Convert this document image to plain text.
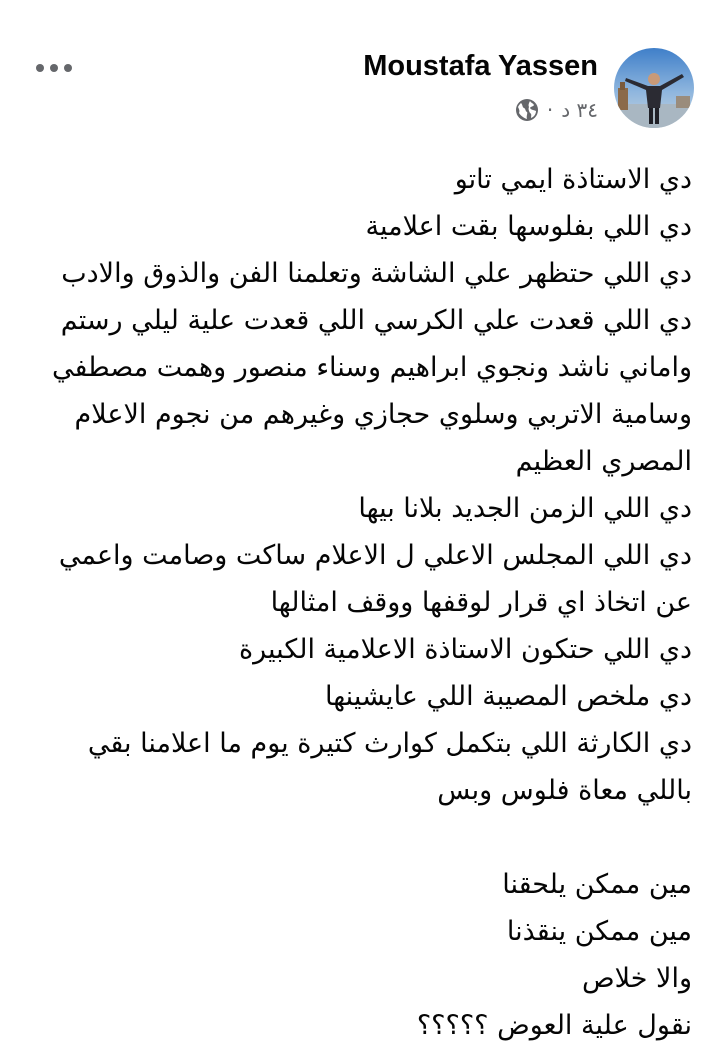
Moustafa Yassen
٣٤ د
·

دي الاستاذة ايمي تاتو

دي اللي بفلوسها بقت اعلامية

دي اللي حتظهر علي الشاشة وتعلمنا الفن والذوق والادب

دي اللي قعدت علي الكرسي اللي قعدت علية ليلي رستم

واماني ناشد ونجوي ابراهيم وسناء منصور وهمت مصطفي

وسامية الاتربي وسلوي حجازي وغيرهم من نجوم الاعلام

المصري العظيم

دي اللي الزمن الجديد بلانا بيها

دي اللي المجلس الاعلي ل الاعلام ساكت وصامت واعمي

عن اتخاذ اي قرار لوقفها ووقف امثالها

دي اللي حتكون الاستاذة الاعلامية الكبيرة

دي ملخص المصيبة اللي عايشينها

دي الكارثة اللي بتكمل كوارث كتيرة يوم ما اعلامنا بقي

باللي معاة فلوس وبس

مين ممكن يلحقنا

مين ممكن ينقذنا

والا خلاص

نقول علية العوض ؟؟؟؟؟
